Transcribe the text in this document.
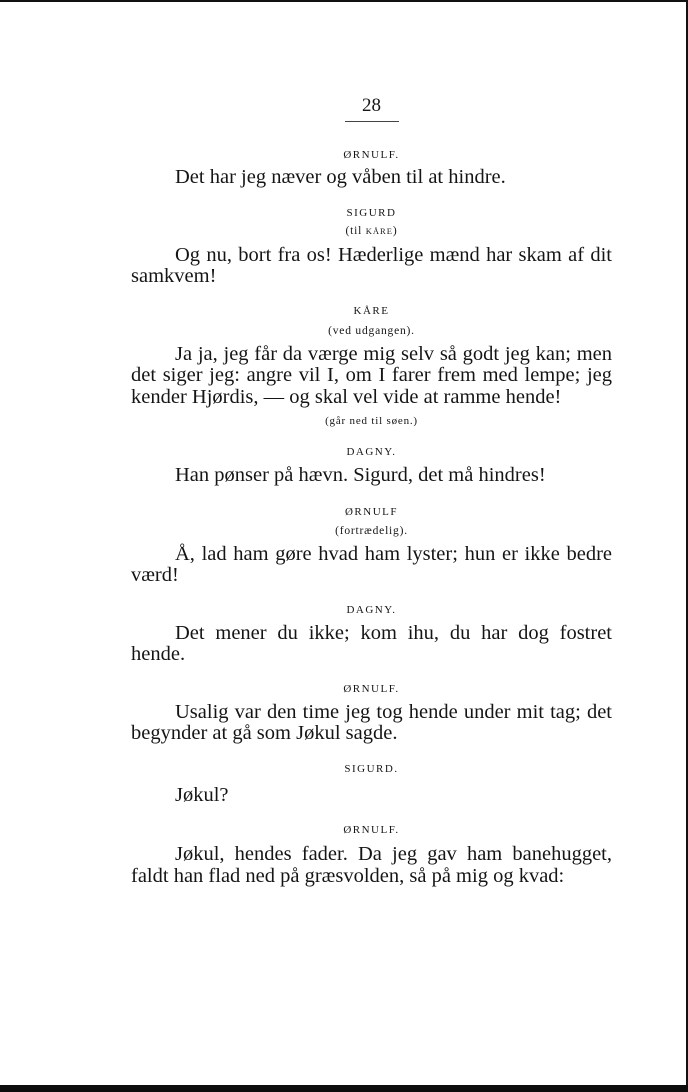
28

ØRNULF.

Det har jeg næver og våben til at hindre.

SIGURD

(til KÅRE)

Og nu, bort fra os! Hæderlige mænd har skam af dit samkvem!

KÅRE

(ved udgangen).

Ja ja, jeg får da værge mig selv så godt jeg kan; men det siger jeg: angre vil I, om I farer frem med lempe; jeg kender Hjørdis, — og skal vel vide at ramme hende!

(går ned til søen.)

DAGNY.

Han pønser på hævn. Sigurd, det må hindres!

ØRNULF

(fortrædelig).

Å, lad ham gøre hvad ham lyster; hun er ikke bedre værd!

DAGNY.

Det mener du ikke; kom ihu, du har dog fostret hende.

ØRNULF.

Usalig var den time jeg tog hende under mit tag; det begynder at gå som Jøkul sagde.

SIGURD.

Jøkul?

ØRNULF.

Jøkul, hendes fader. Da jeg gav ham banehugget, faldt han flad ned på græsvolden, så på mig og kvad:
